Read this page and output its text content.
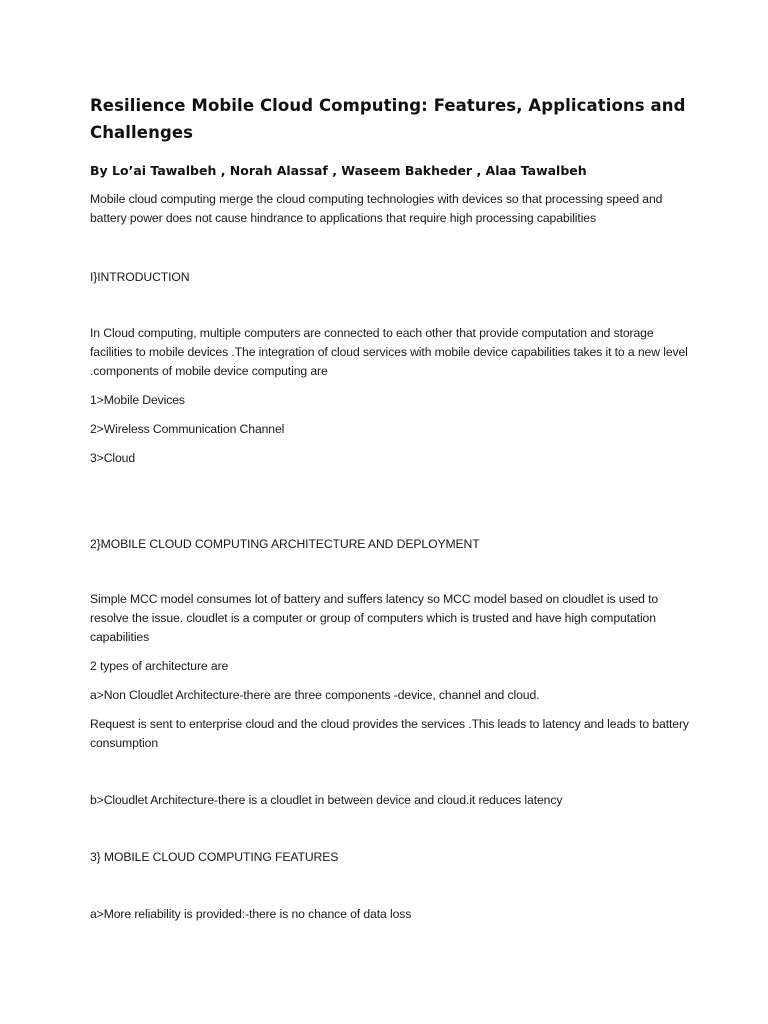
Resilience Mobile Cloud Computing: Features, Applications and Challenges

By Lo’ai Tawalbeh , Norah Alassaf , Waseem Bakheder , Alaa Tawalbeh

Mobile cloud computing merge the cloud computing technologies with devices so that processing speed and battery power does not cause hindrance to applications that require high processing capabilities

I}INTRODUCTION

In Cloud computing, multiple computers are connected to each other that provide computation and storage facilities to mobile devices .The integration of cloud services with mobile device capabilities takes it to a new level .components of mobile device computing are

1>Mobile Devices

2>Wireless Communication Channel

3>Cloud

2}MOBILE CLOUD COMPUTING ARCHITECTURE AND DEPLOYMENT

Simple MCC model consumes lot of battery and suffers latency so MCC model based on cloudlet is used to resolve the issue. cloudlet is a computer or group of computers which is trusted and have high computation capabilities

2 types of architecture are

a>Non Cloudlet Architecture-there are three components -device, channel and cloud.

Request is sent to enterprise cloud and the cloud provides the services .This leads to latency and leads to battery consumption

b>Cloudlet Architecture-there is a cloudlet in between device and cloud.it reduces latency

3} MOBILE CLOUD COMPUTING FEATURES

a>More reliability is provided:-there is no chance of data loss
